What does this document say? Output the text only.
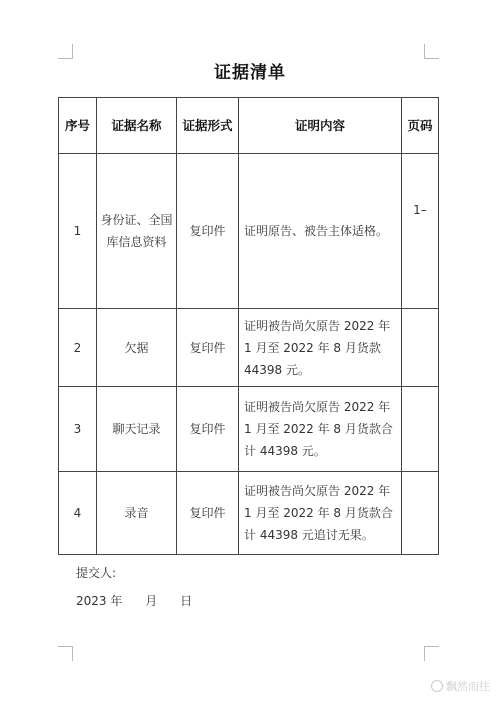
证据清单
序号	证据名称	证据形式	证明内容	页码
1	身份证、全国库信息资料	复印件	证明原告、被告主体适格。	1–
2	欠据	复印件	证明被告尚欠原告 2022 年 1 月至 2022 年 8 月货款 44398 元。	
3	聊天记录	复印件	证明被告尚欠原告 2022 年 1 月至 2022 年 8 月货款合计 44398 元。	
4	录音	复印件	证明被告尚欠原告 2022 年 1 月至 2022 年 8 月货款合计 44398 元追讨无果。	
提交人:
2023 年      月      日
飘然而往
